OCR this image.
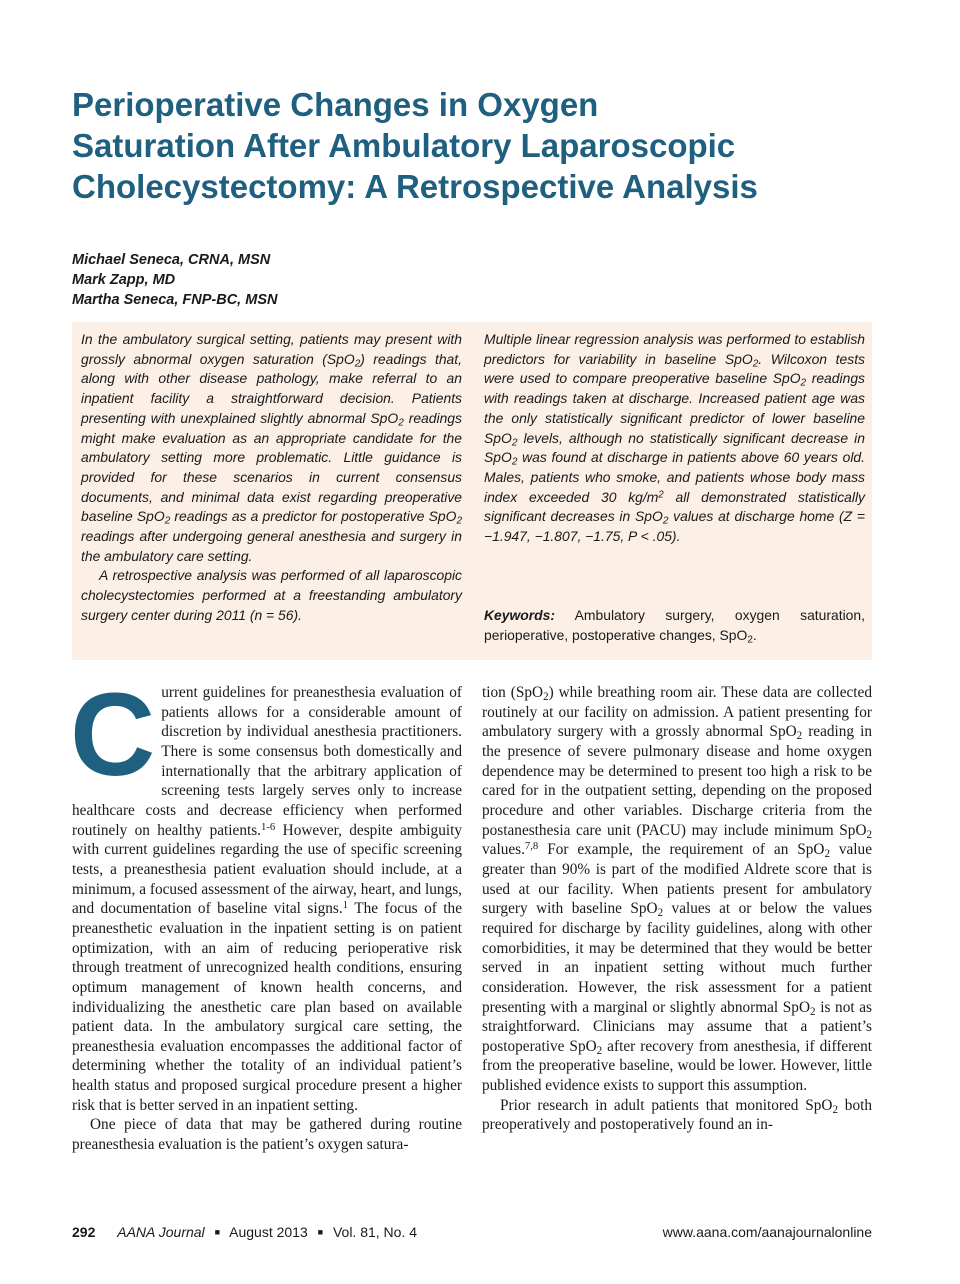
Perioperative Changes in Oxygen
Saturation After Ambulatory Laparoscopic
Cholecystectomy: A Retrospective Analysis
Michael Seneca, CRNA, MSN
Mark Zapp, MD
Martha Seneca, FNP-BC, MSN

In the ambulatory surgical setting, patients may present with grossly abnormal oxygen saturation (SpO$_2$) readings that, along with other disease pathology, make referral to an inpatient facility a straightforward decision. Patients presenting with unexplained slightly abnormal SpO$_2$ readings might make evaluation as an appropriate candidate for the ambulatory setting more problematic. Little guidance is provided for these scenarios in current consensus documents, and minimal data exist regarding preoperative baseline SpO$_2$ readings as a predictor for postoperative SpO$_2$ readings after undergoing general anesthesia and surgery in the ambulatory care setting.

A retrospective analysis was performed of all laparoscopic cholecystectomies performed at a freestanding ambulatory surgery center during 2011 (n = 56).

Multiple linear regression analysis was performed to establish predictors for variability in baseline SpO$_2$. Wilcoxon tests were used to compare preoperative baseline SpO$_2$ readings with readings taken at discharge. Increased patient age was the only statistically significant predictor of lower baseline SpO$_2$ levels, although no statistically significant decrease in SpO$_2$ was found at discharge in patients above 60 years old. Males, patients who smoke, and patients whose body mass index exceeded 30 $kg/m^2$ all demonstrated statistically significant decreases in SpO$_2$ values at discharge home (Z = −1.947, −1.807, −1.75, P < .05).

Keywords: Ambulatory surgery, oxygen saturation, perioperative, postoperative changes, SpO$_2$.

Current guidelines for preanesthesia evaluation of patients allows for a considerable amount of discretion by individual anesthesia practitioners. There is some consensus both domestically and internationally that the arbitrary application of screening tests largely serves only to increase healthcare costs and decrease efficiency when performed routinely on healthy patients.$^{1-6}$ However, despite ambiguity with current guidelines regarding the use of specific screening tests, a preanesthesia patient evaluation should include, at a minimum, a focused assessment of the airway, heart, and lungs, and documentation of baseline vital signs.$^1$ The focus of the preanesthetic evaluation in the inpatient setting is on patient optimization, with an aim of reducing perioperative risk through treatment of unrecognized health conditions, ensuring optimum management of known health concerns, and individualizing the anesthetic care plan based on available patient data. In the ambulatory surgical care setting, the preanesthesia evaluation encompasses the additional factor of determining whether the totality of an individual patient’s health status and proposed surgical procedure present a higher risk that is better served in an inpatient setting.

One piece of data that may be gathered during routine preanesthesia evaluation is the patient’s oxygen satura-

tion (SpO$_2$) while breathing room air. These data are collected routinely at our facility on admission. A patient presenting for ambulatory surgery with a grossly abnormal SpO$_2$ reading in the presence of severe pulmonary disease and home oxygen dependence may be determined to present too high a risk to be cared for in the outpatient setting, depending on the proposed procedure and other variables. Discharge criteria from the postanesthesia care unit (PACU) may include minimum SpO$_2$ values.$^{7,8}$ For example, the requirement of an SpO$_2$ value greater than 90% is part of the modified Aldrete score that is used at our facility. When patients present for ambulatory surgery with baseline SpO$_2$ values at or below the values required for discharge by facility guidelines, along with other comorbidities, it may be determined that they would be better served in an inpatient setting without much further consideration. However, the risk assessment for a patient presenting with a marginal or slightly abnormal SpO$_2$ is not as straightforward. Clinicians may assume that a patient’s postoperative SpO$_2$ after recovery from anesthesia, if different from the preoperative baseline, would be lower. However, little published evidence exists to support this assumption.

Prior research in adult patients that monitored SpO$_2$ both preoperatively and postoperatively found an in-

292 AANA Journal ■ August 2013 ■ Vol. 81, No. 4	www.aana.com/aanajournalonline
